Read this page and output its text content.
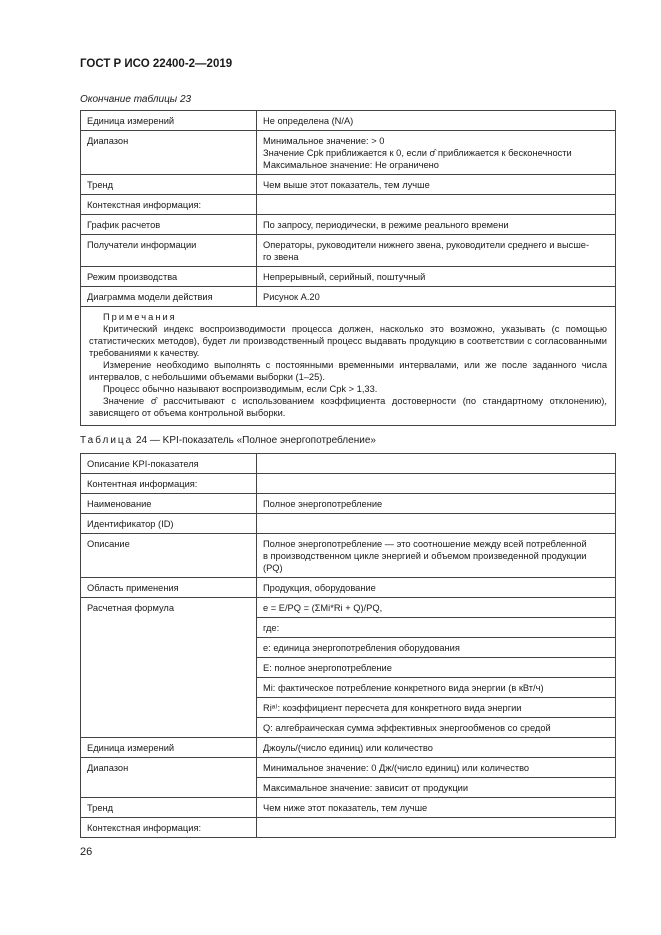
ГОСТ Р ИСО 22400-2—2019
Окончание таблицы 23
Единица измерений	Не определена (N/A)

Диапазон	Минимальное значение: > 0
Значение Cpk приближается к 0, если σ̂ приближается к бесконечности
Максимальное значение: Не ограничено

Тренд	Чем выше этот показатель, тем лучше

Контекстная информация:	

График расчетов	По запросу, периодически, в режиме реального времени

Получатели информации	Операторы, руководители нижнего звена, руководители среднего и высше-
го звена

Режим производства	Непрерывный, серийный, поштучный

Диаграмма модели действия	Рисунок А.20

Примечания

Критический индекс воспроизводимости процесса должен, насколько это возможно, указывать (с помощью статистических методов), будет ли производственный процесс выдавать продукцию в соответствии с согласованными требованиями к качеству.

Измерение необходимо выполнять с постоянными временными интервалами, или же после заданного числа интервалов, с небольшими объемами выборки (1–25).

Процесс обычно называют воспроизводимым, если Cpk > 1,33.

Значение σ̂ рассчитывают с использованием коэффициента достоверности (по стандартному отклонению), зависящего от объема контрольной выборки.	

Таблица 24 — KPI-показатель «Полное энергопотребление»
Описание KPI-показателя	

Контентная информация:	

Наименование	Полное энергопотребление

Идентификатор (ID)	

Описание	Полное энергопотребление — это соотношение между всей потребленной
в производственном цикле энергией и объемом произведенной продукции
(PQ)

Область применения	Продукция, оборудование

Расчетная формула	e = E/PQ = (ΣMi*Ri + Q)/PQ,
	где:
	e: единица энергопотребления оборудования
	E: полное энергопотребление
	Mi: фактическое потребление конкретного вида энергии (в кВт/ч)
	Riᵃ⁾: коэффициент пересчета для конкретного вида энергии
	Q: алгебраическая сумма эффективных энергообменов со средой
Единица измерений	Джоуль/(число единиц) или количество
Диапазон	Минимальное значение: 0 Дж/(число единиц) или количество
	Максимальное значение: зависит от продукции
Тренд	Чем ниже этот показатель, тем лучше
Контекстная информация:	
26
